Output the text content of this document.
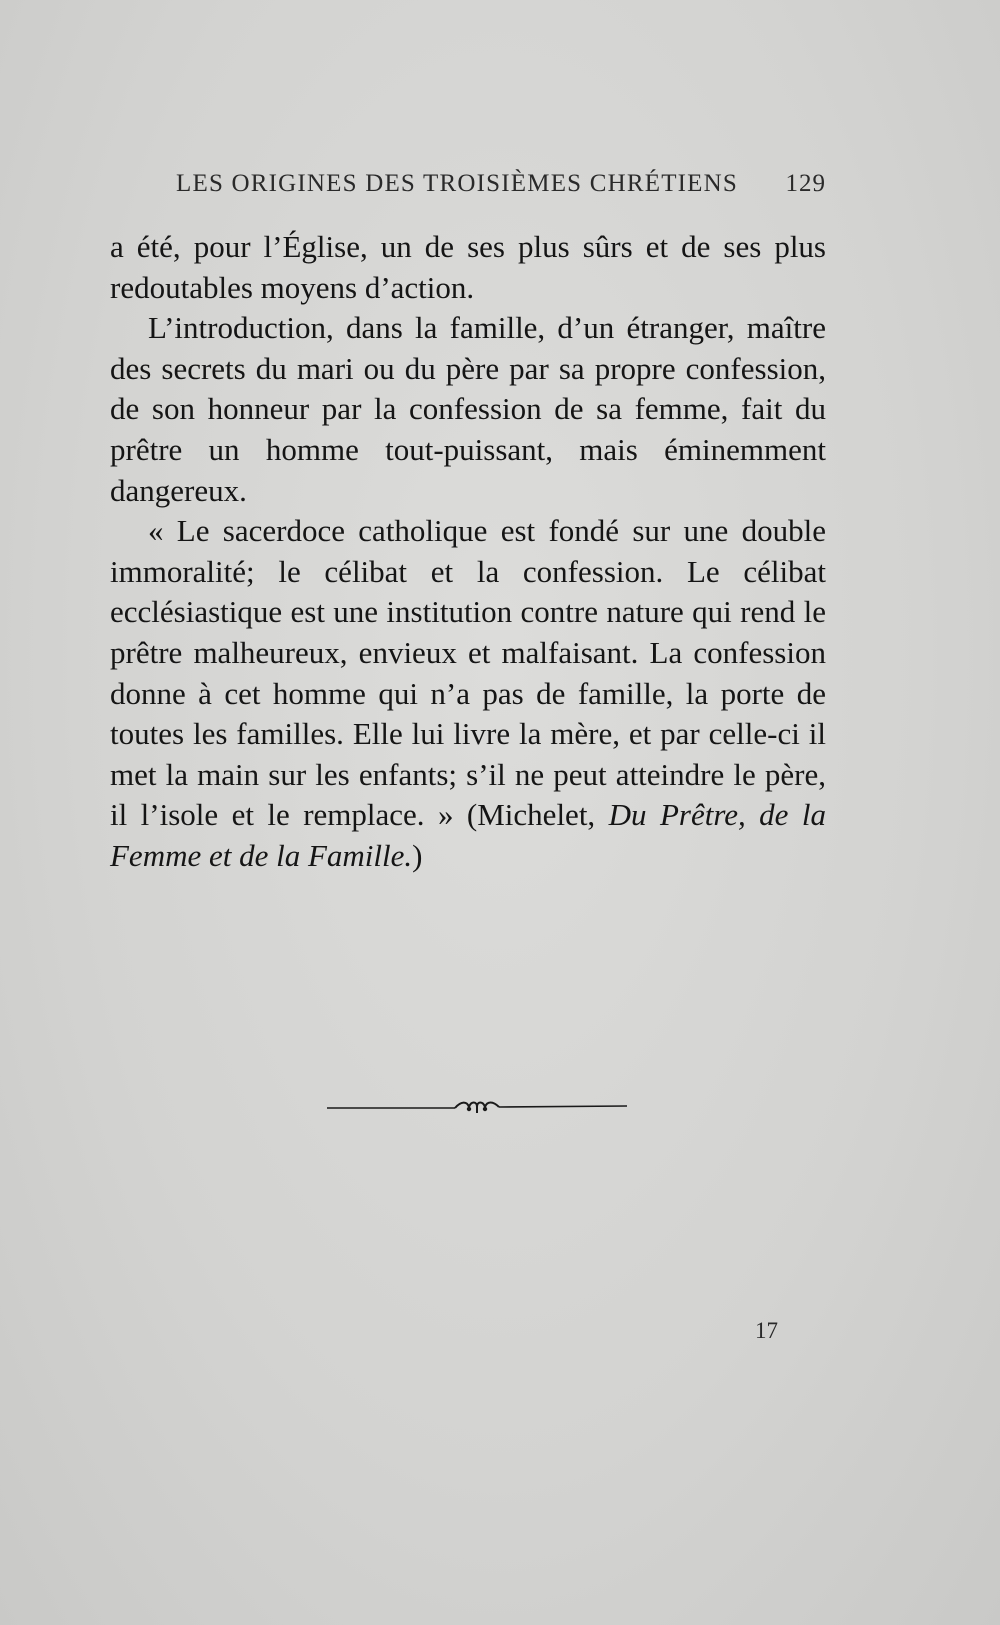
LES ORIGINES DES TROISIÈMES CHRÉTIENS 129

a été, pour l’Église, un de ses plus sûrs et de ses plus redoutables moyens d’action.

L’introduction, dans la famille, d’un étranger, maître des secrets du mari ou du père par sa propre confession, de son honneur par la confession de sa femme, fait du prêtre un homme tout-puissant, mais éminemment dangereux.

« Le sacerdoce catholique est fondé sur une double immoralité; le célibat et la confession. Le célibat ecclésiastique est une institution contre nature qui rend le prêtre malheureux, envieux et malfaisant. La confession donne à cet homme qui n’a pas de famille, la porte de toutes les familles. Elle lui livre la mère, et par celle-ci il met la main sur les enfants; s’il ne peut atteindre le père, il l’isole et le remplace. » (Michelet, Du Prêtre, de la Femme et de la Famille.)

17
